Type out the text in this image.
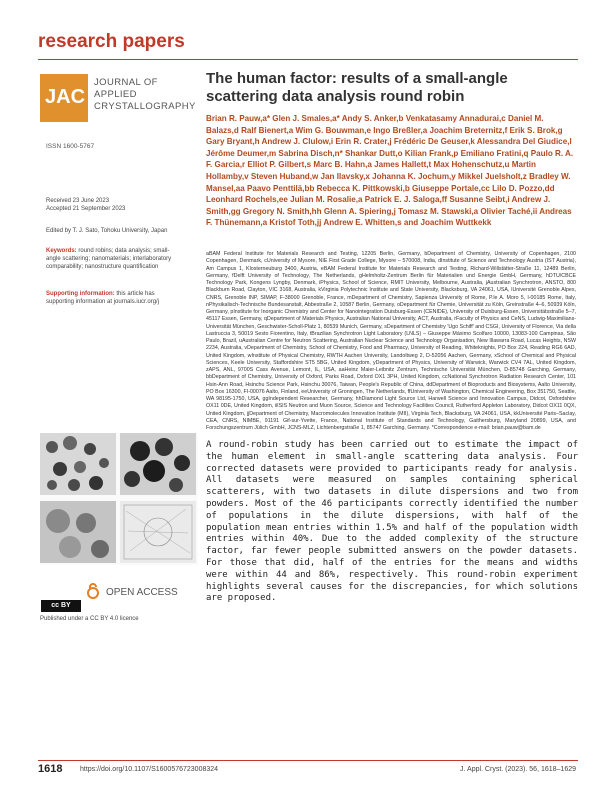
research papers
JAC
JOURNAL OF
APPLIED
CRYSTALLOGRAPHY
ISSN 1600-5767
The human factor: results of a small-angle scattering data analysis round robin
Brian R. Pauw,a* Glen J. Smales,a* Andy S. Anker,b Venkatasamy Annadurai,c Daniel M. Balazs,d Ralf Bienert,a Wim G. Bouwman,e Ingo Breßler,a Joachim Breternitz,f Erik S. Brok,g Gary Bryant,h Andrew J. Clulow,i Erin R. Crater,j Frédéric De Geuser,k Alessandra Del Giudice,l Jérôme Deumer,m Sabrina Disch,n* Shankar Dutt,o Kilian Frank,p Emiliano Fratini,q Paulo R. A. F. Garcia,r Elliot P. Gilbert,s Marc B. Hahn,a James Hallett,t Max Hohenschutz,u Martin Hollamby,v Steven Huband,w Jan Ilavsky,x Johanna K. Jochum,y Mikkel Juelsholt,z Bradley W. Mansel,aa Paavo Penttilä,bb Rebecca K. Pittkowski,b Giuseppe Portale,cc Lilo D. Pozzo,dd Leonhard Rochels,ee Julian M. Rosalie,a Patrick E. J. Saloga,ff Susanne Seibt,i Andrew J. Smith,gg Gregory N. Smith,hh Glenn A. Spiering,j Tomasz M. Stawski,a Olivier Taché,ii Andreas F. Thünemann,a Kristof Toth,jj Andrew E. Whitten,s and Joachim Wuttkekk
Received 23 June 2023
Accepted 21 September 2023
Edited by T. J. Sato, Tohoku University, Japan
Keywords: round robins; data analysis; small-angle scattering; nanomaterials; interlaboratory comparability; nanostructure quantification
Supporting information: this article has supporting information at journals.iucr.org/j
aBAM Federal Institute for Materials Research and Testing, 12205 Berlin, Germany, bDepartment of Chemistry, University of Copenhagen, 2100 Copenhagen, Denmark, cUniversity of Mysore, NIE First Grade College, Mysore – 570008, India, dInstitute of Science and Technology Austria (IST Austria), Am Campus 1, Klosterneuburg 3400, Austria, eBAM Federal Institute for Materials Research and Testing, Richard-Willstätter-Straße 11, 12489 Berlin, Germany, fDelft University of Technology, The Netherlands, gHelmholtz-Zentrum Berlin für Materialien und Energie GmbH, Germany, hDTU/CBCE Technology Park, Kongens Lyngby, Denmark, iPhysics, School of Science, RMIT University, Melbourne, Australia, jAustralian Synchrotron, ANSTO, 800 Blackburn Road, Clayton, VIC 3168, Australia, kVirginia Polytechnic Institute and State University, Blacksburg, VA 24061, USA, lUniversité Grenoble Alpes, CNRS, Grenoble INP, SIMAP, F-38000 Grenoble, France, mDepartment of Chemistry, Sapienza University of Rome, P.le A. Moro 5, I-00185 Rome, Italy, nPhysikalisch-Technische Bundesanstalt, Abbestraße 2, 10587 Berlin, Germany, oDepartment für Chemie, Universität zu Köln, Greinstraße 4–6, 50939 Köln, Germany, pInstitute for Inorganic Chemistry and Center for Nanointegration Duisburg-Essen (CENIDE), University of Duisburg-Essen, Universitätsstraße 5–7, 45117 Essen, Germany, qDepartment of Materials Physics, Australian National University, ACT, Australia, rFaculty of Physics and CeNS, Ludwig-Maximilians-Universität München, Geschwister-Scholl-Platz 1, 80539 Munich, Germany, sDepartment of Chemistry 'Ugo Schiff' and CSGI, University of Florence, Via della Lastruccia 3, 50019 Sesto Fiorentino, Italy, tBrazilian Synchrotron Light Laboratory (LNLS) – Giuseppe Máximo Scolfaro 10000, 13083-100 Campinas, São Paulo, Brazil, uAustralian Centre for Neutron Scattering, Australian Nuclear Science and Technology Organisation, New Illawarra Road, Lucas Heights, NSW 2234, Australia, vDepartment of Chemistry, School of Chemistry, Food and Pharmacy, University of Reading, Whiteknights, PO Box 224, Reading RG6 6AD, United Kingdom, wInstitute of Physical Chemistry, RWTH Aachen University, Landoltweg 2, D-52056 Aachen, Germany, xSchool of Chemical and Physical Sciences, Keele University, Staffordshire ST5 5BG, United Kingdom, yDepartment of Physics, University of Warwick, Warwick CV4 7AL, United Kingdom, zAPS, ANL, 9700S Cass Avenue, Lemont, IL, USA, aaHeinz Maier-Leibnitz Zentrum, Technische Universität München, D-85748 Garching, Germany, bbDepartment of Chemistry, University of Oxford, Parks Road, Oxford OX1 3PH, United Kingdom, ccNational Synchrotron Radiation Research Center, 101 Hsin-Ann Road, Hsinchu Science Park, Hsinchu 30076, Taiwan, People's Republic of China, ddDepartment of Bioproducts and Biosystems, Aalto University, PO Box 16300, FI-00076 Aalto, Finland, eeUniversity of Groningen, The Netherlands, ffUniversity of Washington, Chemical Engineering, Box 351750, Seattle, WA 98195-1750, USA, ggIndependent Researcher, Germany, hhDiamond Light Source Ltd, Harwell Science and Innovation Campus, Didcot, Oxfordshire OX11 0DE, United Kingdom, iiISIS Neutron and Muon Source, Science and Technology Facilities Council, Rutherford Appleton Laboratory, Didcot OX11 0QX, United Kingdom, jjDepartment of Chemistry, Macromolecules Innovation Institute (MII), Virginia Tech, Blacksburg, VA 24061, USA, kkUniversité Paris–Saclay, CEA, CNRS, NIMBE, 91191 Gif-sur-Yvette, France, National Institute of Standards and Technology, Gaithersburg, Maryland 20899, USA, and Forschungszentrum Jülich GmbH, JCNS-MLZ, Lichtenbergstraße 1, 85747 Garching, Germany. *Correspondence e-mail: brian.pauw@bam.de
OPEN ACCESS
cc BY
Published under a CC BY 4.0 licence
A round-robin study has been carried out to estimate the impact of the human element in small-angle scattering data analysis. Four corrected datasets were provided to participants ready for analysis. All datasets were measured on samples containing spherical scatterers, with two datasets in dilute dispersions and two from powders. Most of the 46 participants correctly identified the number of populations in the dilute dispersions, with half of the population mean entries within 1.5% and half of the population width entries within 40%. Due to the added complexity of the structure factor, far fewer people submitted answers on the powder datasets. For those that did, half of the entries for the means and widths were within 44 and 86%, respectively. This round-robin experiment highlights several causes for the discrepancies, for which solutions are proposed.
1618	https://doi.org/10.1107/S1600576723008324	J. Appl. Cryst. (2023). 56, 1618–1629
